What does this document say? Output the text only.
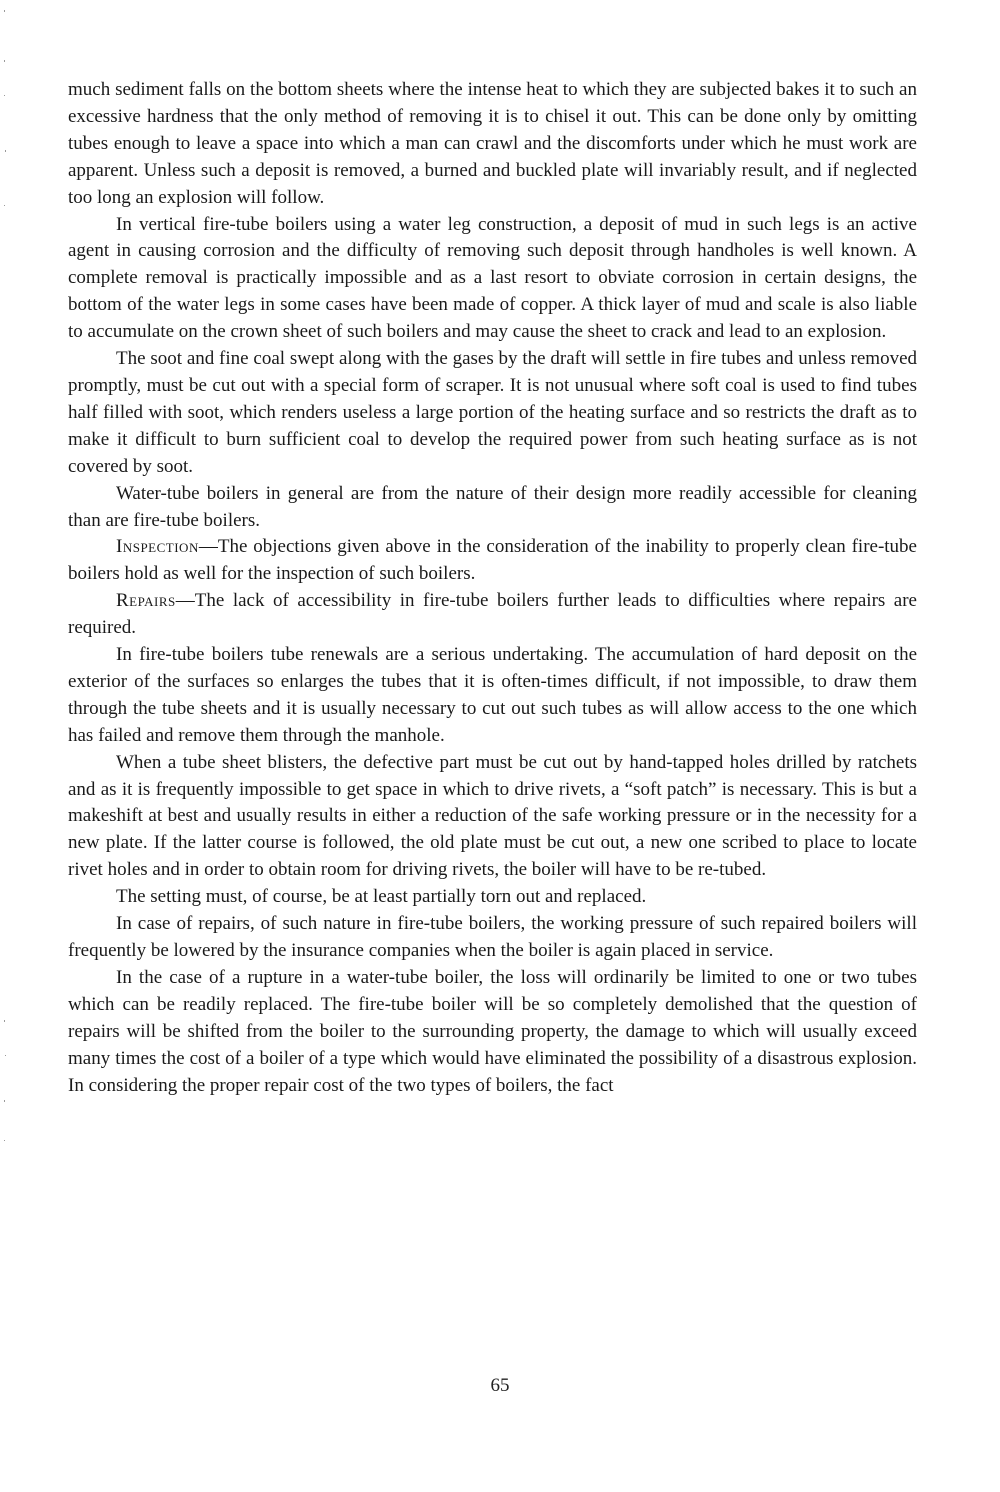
much sediment falls on the bottom sheets where the intense heat to which they are subjected bakes it to such an excessive hardness that the only method of removing it is to chisel it out. This can be done only by omitting tubes enough to leave a space into which a man can crawl and the discomforts under which he must work are apparent. Unless such a deposit is removed, a burned and buckled plate will invariably result, and if neglected too long an explosion will follow.

In vertical fire-tube boilers using a water leg construction, a deposit of mud in such legs is an active agent in causing corrosion and the difficulty of removing such deposit through handholes is well known. A complete removal is practically impossible and as a last resort to obviate corrosion in certain designs, the bottom of the water legs in some cases have been made of copper. A thick layer of mud and scale is also liable to accumulate on the crown sheet of such boilers and may cause the sheet to crack and lead to an explosion.

The soot and fine coal swept along with the gases by the draft will settle in fire tubes and unless removed promptly, must be cut out with a special form of scraper. It is not unusual where soft coal is used to find tubes half filled with soot, which renders useless a large portion of the heating surface and so restricts the draft as to make it difficult to burn sufficient coal to develop the required power from such heating surface as is not covered by soot.

Water-tube boilers in general are from the nature of their design more readily accessible for cleaning than are fire-tube boilers.

Inspection—The objections given above in the consideration of the inability to properly clean fire-tube boilers hold as well for the inspection of such boilers.

Repairs—The lack of accessibility in fire-tube boilers further leads to difficulties where repairs are required.

In fire-tube boilers tube renewals are a serious undertaking. The accumulation of hard deposit on the exterior of the surfaces so enlarges the tubes that it is often-times difficult, if not impossible, to draw them through the tube sheets and it is usually necessary to cut out such tubes as will allow access to the one which has failed and remove them through the manhole.

When a tube sheet blisters, the defective part must be cut out by hand-tapped holes drilled by ratchets and as it is frequently impossible to get space in which to drive rivets, a “soft patch” is necessary. This is but a makeshift at best and usually results in either a reduction of the safe working pressure or in the necessity for a new plate. If the latter course is followed, the old plate must be cut out, a new one scribed to place to locate rivet holes and in order to obtain room for driving rivets, the boiler will have to be re-tubed.

The setting must, of course, be at least partially torn out and replaced.

In case of repairs, of such nature in fire-tube boilers, the working pressure of such repaired boilers will frequently be lowered by the insurance companies when the boiler is again placed in service.

In the case of a rupture in a water-tube boiler, the loss will ordinarily be limited to one or two tubes which can be readily replaced. The fire-tube boiler will be so completely demolished that the question of repairs will be shifted from the boiler to the surrounding property, the damage to which will usually exceed many times the cost of a boiler of a type which would have eliminated the possibility of a disastrous explosion. In considering the proper repair cost of the two types of boilers, the fact

65
